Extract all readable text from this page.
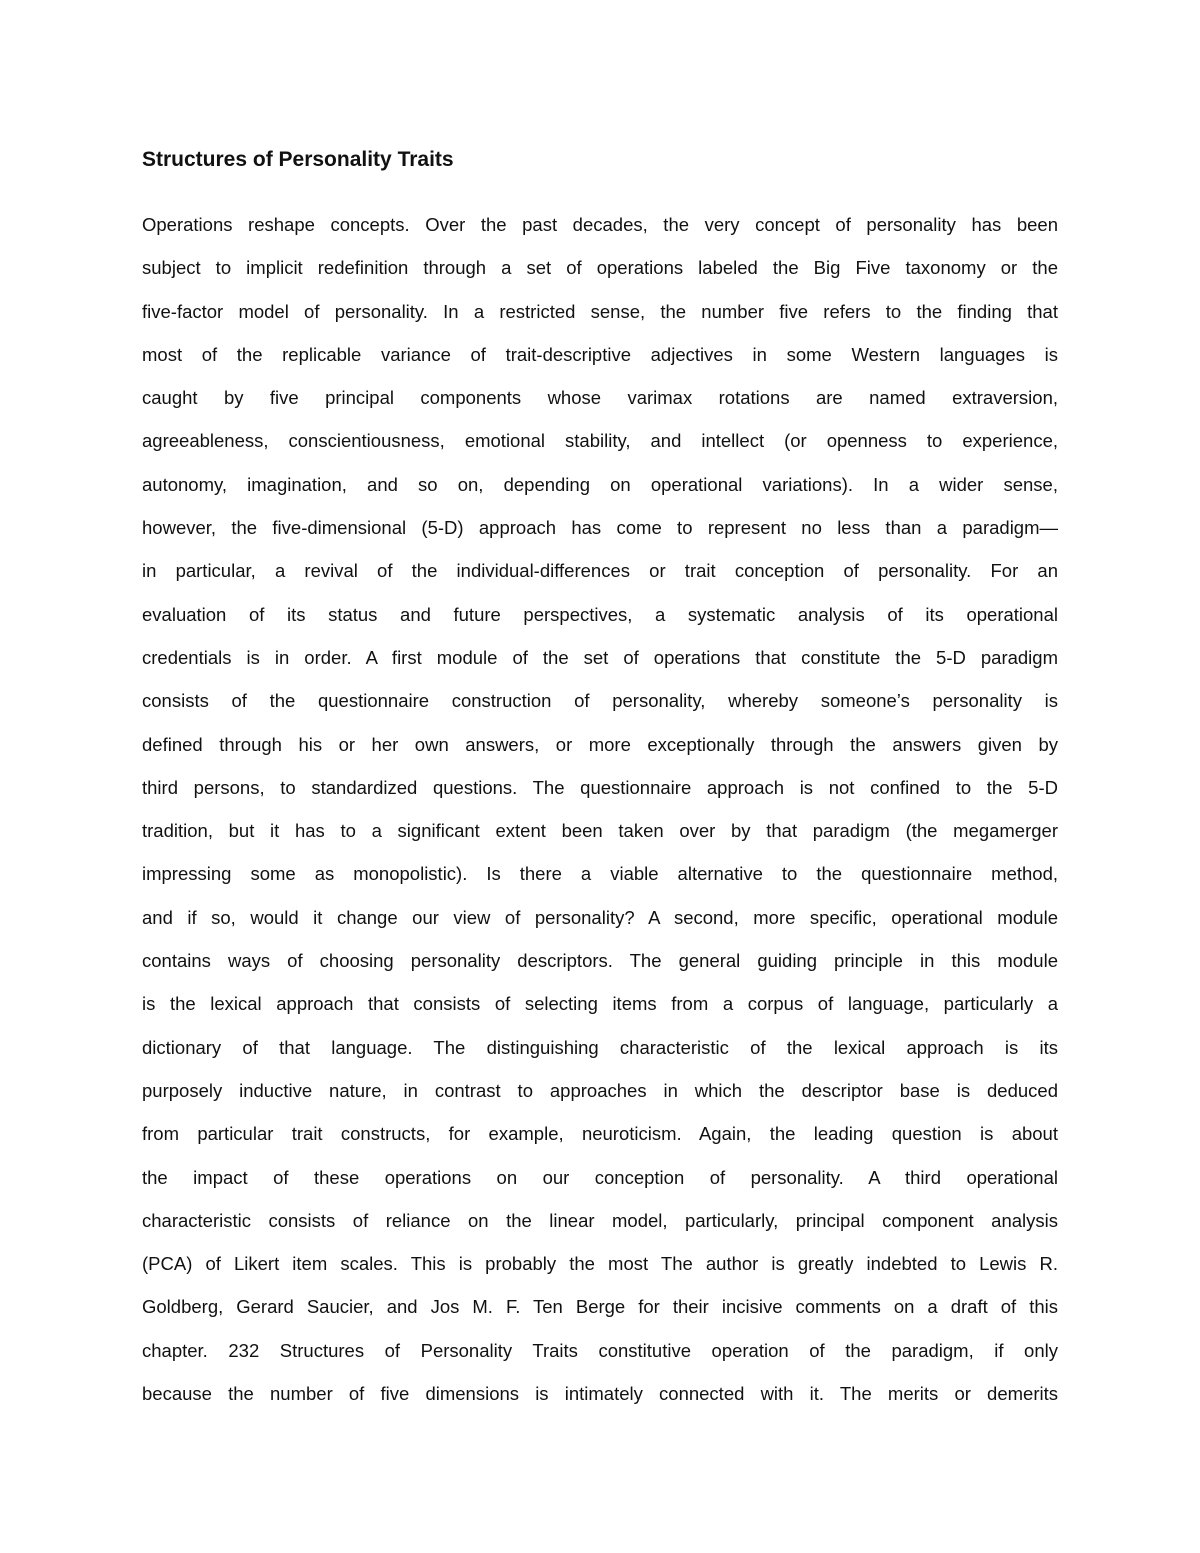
Structures of Personality Traits
Operations reshape concepts. Over the past decades, the very concept of personality has been
subject to implicit redefinition through a set of operations labeled the Big Five taxonomy or the
five-factor model of personality. In a restricted sense, the number five refers to the finding that
most of the replicable variance of trait-descriptive adjectives in some Western languages is
caught by five principal components whose varimax rotations are named extraversion,
agreeableness, conscientiousness, emotional stability, and intellect (or openness to experience,
autonomy, imagination, and so on, depending on operational variations). In a wider sense,
however, the five-dimensional (5-D) approach has come to represent no less than a paradigm—
in particular, a revival of the individual-differences or trait conception of personality. For an
evaluation of its status and future perspectives, a systematic analysis of its operational
credentials is in order. A first module of the set of operations that constitute the 5-D paradigm
consists of the questionnaire construction of personality, whereby someone’s personality is
defined through his or her own answers, or more exceptionally through the answers given by
third persons, to standardized questions. The questionnaire approach is not confined to the 5-D
tradition, but it has to a significant extent been taken over by that paradigm (the megamerger
impressing some as monopolistic). Is there a viable alternative to the questionnaire method,
and if so, would it change our view of personality? A second, more specific, operational module
contains ways of choosing personality descriptors. The general guiding principle in this module
is the lexical approach that consists of selecting items from a corpus of language, particularly a
dictionary of that language. The distinguishing characteristic of the lexical approach is its
purposely inductive nature, in contrast to approaches in which the descriptor base is deduced
from particular trait constructs, for example, neuroticism. Again, the leading question is about
the impact of these operations on our conception of personality. A third operational
characteristic consists of reliance on the linear model, particularly, principal component analysis
(PCA) of Likert item scales. This is probably the most The author is greatly indebted to Lewis R.
Goldberg, Gerard Saucier, and Jos M. F. Ten Berge for their incisive comments on a draft of this
chapter. 232 Structures of Personality Traits constitutive operation of the paradigm, if only
because the number of five dimensions is intimately connected with it. The merits or demerits
